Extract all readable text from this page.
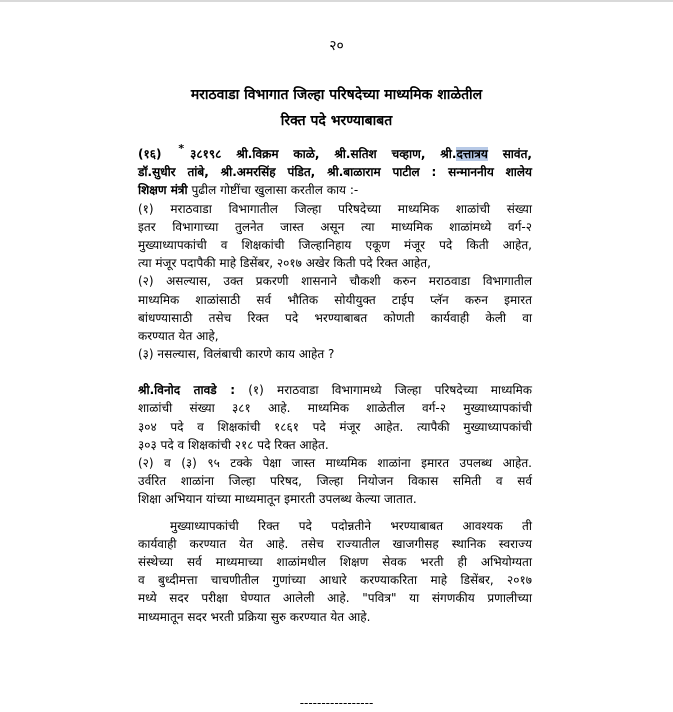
२०
मराठवाडा विभागात जिल्हा परिषदेच्या माध्यमिक शाळेतील
रिक्त पदे भरण्याबाबत
(१६) * ३८१९८ श्री.विक्रम काळे, श्री.सतिश चव्हाण, श्री.दत्तात्रय सावंत,
डॉ.सुधीर तांबे, श्री.अमरसिंह पंडित, श्री.बाळाराम पाटील : सन्माननीय शालेय
शिक्षण मंत्री पुढील गोष्टींचा खुलासा करतील काय :-
(१) मराठवाडा विभागातील जिल्हा परिषदेच्या माध्यमिक शाळांची संख्या
इतर विभागाच्या तुलनेत जास्त असून त्या माध्यमिक शाळांमध्ये वर्ग-२
मुख्याध्यापकांची व शिक्षकांची जिल्हानिहाय एकूण मंजूर पदे किती आहेत,
त्या मंजूर पदापैकी माहे डिसेंबर, २०१७ अखेर किती पदे रिक्त आहेत,
(२) असल्यास, उक्त प्रकरणी शासनाने चौकशी करुन मराठवाडा विभागातील
माध्यमिक शाळांसाठी सर्व भौतिक सोयीयुक्त टाईप प्लॅन करुन इमारत
बांधण्यासाठी तसेच रिक्त पदे भरण्याबाबत कोणती कार्यवाही केली वा
करण्यात येत आहे,
(३) नसल्यास, विलंबाची कारणे काय आहेत ?
श्री.विनोद तावडे : (१) मराठवाडा विभागामध्ये जिल्हा परिषदेच्या माध्यमिक
शाळांची संख्या ३८१ आहे. माध्यमिक शाळेतील वर्ग-२ मुख्याध्यापकांची
३०४ पदे व शिक्षकांची १८६१ पदे मंजूर आहेत. त्यापैकी मुख्याध्यापकांची
३०३ पदे व शिक्षकांची २१८ पदे रिक्त आहेत.
(२) व (३) ९५ टक्के पेक्षा जास्त माध्यमिक शाळांना इमारत उपलब्ध आहेत.
उर्वरित शाळांना जिल्हा परिषद, जिल्हा नियोजन विकास समिती व सर्व
शिक्षा अभियान यांच्या माध्यमातून इमारती उपलब्ध केल्या जातात.
मुख्याध्यापकांची रिक्त पदे पदोन्नतीने भरण्याबाबत आवश्यक ती
कार्यवाही करण्यात येत आहे. तसेच राज्यातील खाजगीसह स्थानिक स्वराज्य
संस्थेच्या सर्व माध्यमाच्या शाळांमधील शिक्षण सेवक भरती ही अभियोग्यता
व बुध्दीमत्ता चाचणीतील गुणांच्या आधारे करण्याकरिता माहे डिसेंबर, २०१७
मध्ये सदर परीक्षा घेण्यात आलेली आहे. "पवित्र" या संगणकीय प्रणालीच्या
माध्यमातून सदर भरती प्रक्रिया सुरु करण्यात येत आहे.
-----------------
